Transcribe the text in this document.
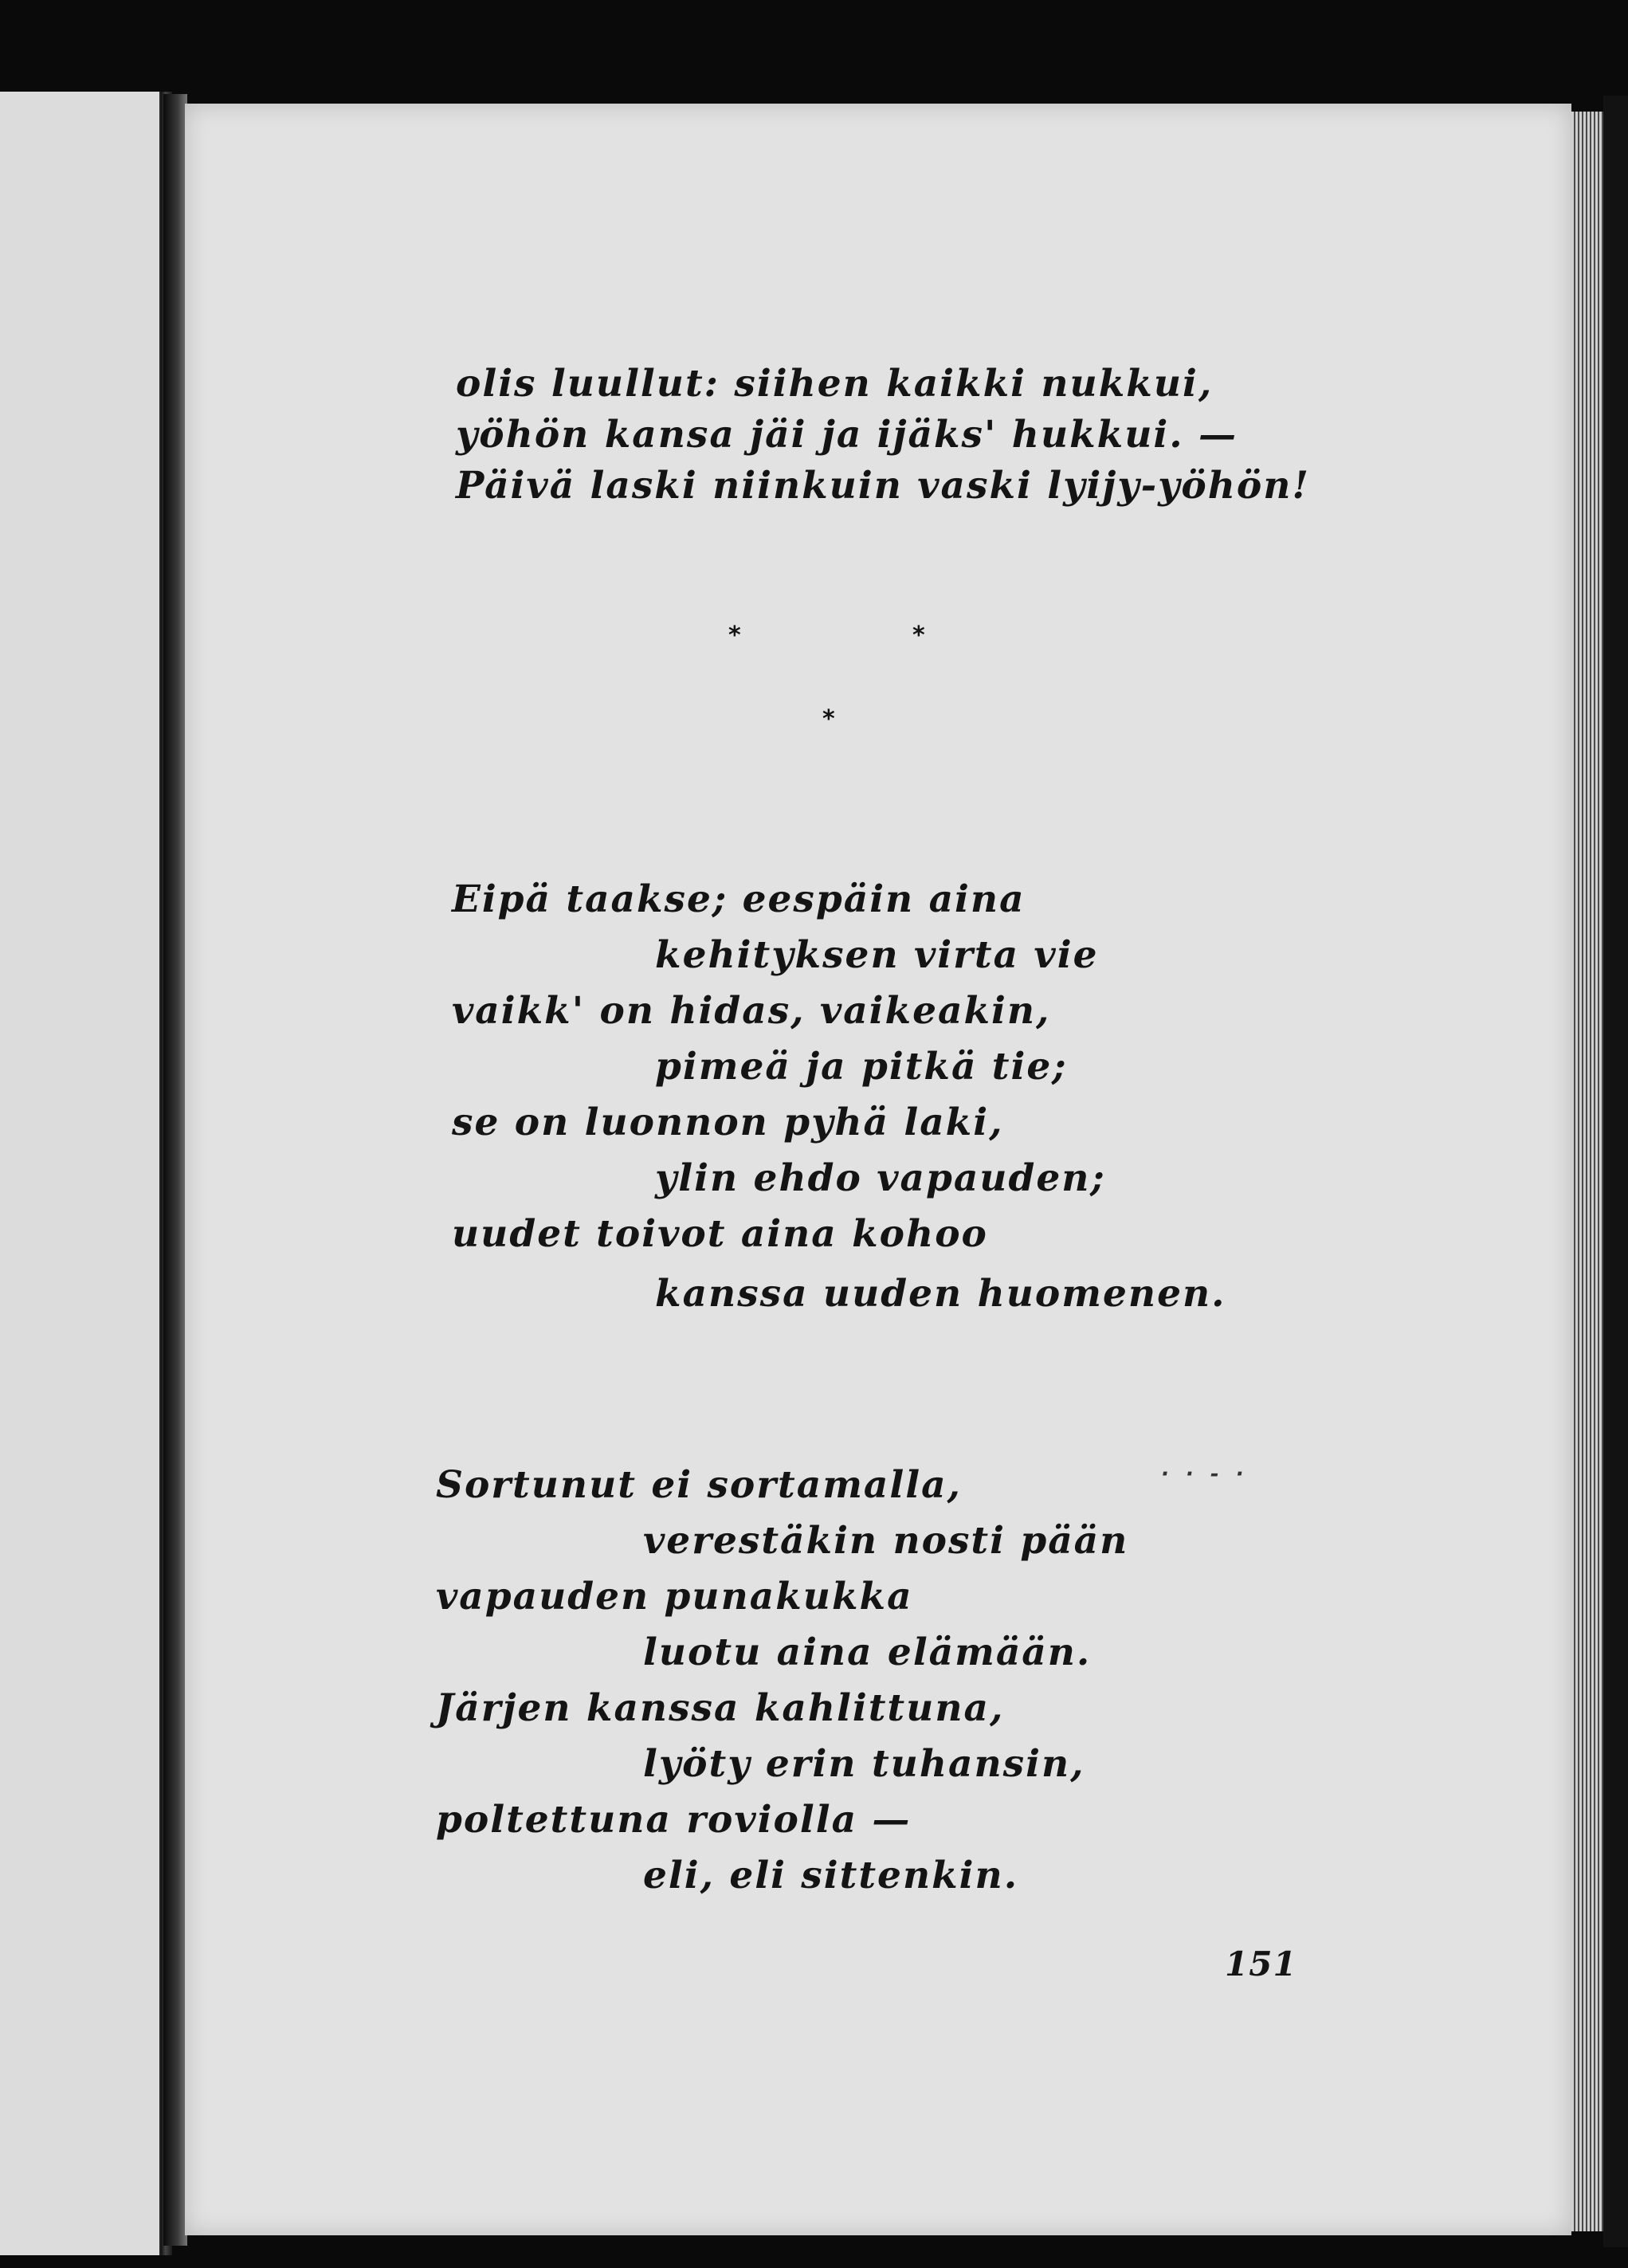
olis luullut: siihen kaikki nukkui,
yöhön kansa jäi ja ijäks' hukkui. —
Päivä laski niinkuin vaski lyijy-yöhön!
*	*
*
Eipä taakse; eespäin aina
kehityksen virta vie
vaikk' on hidas, vaikeakin,
pimeä ja pitkä tie;
se on luonnon pyhä laki,
ylin ehdo vapauden;
uudet toivot aina kohoo
kanssa uuden huomenen.
Sortunut ei sortamalla,
verestäkin nosti pään
vapauden punakukka
luotu aina elämään.
Järjen kanssa kahlittuna,
lyöty erin tuhansin,
poltettuna roviolla —
eli, eli sittenkin.
· · - ·
151
